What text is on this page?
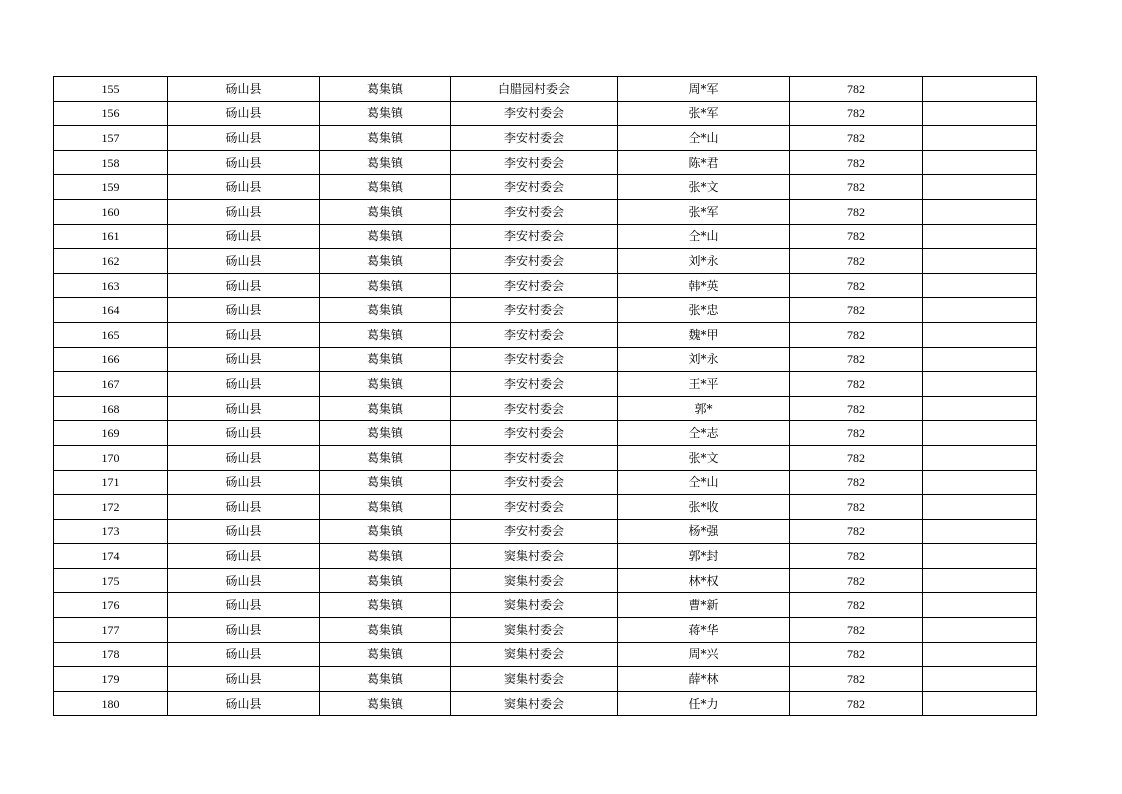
155	砀山县	葛集镇	白腊园村委会	周*军	782	
156	砀山县	葛集镇	李安村委会	张*军	782	
157	砀山县	葛集镇	李安村委会	仝*山	782	
158	砀山县	葛集镇	李安村委会	陈*君	782	
159	砀山县	葛集镇	李安村委会	张*文	782	
160	砀山县	葛集镇	李安村委会	张*军	782	
161	砀山县	葛集镇	李安村委会	仝*山	782	
162	砀山县	葛集镇	李安村委会	刘*永	782	
163	砀山县	葛集镇	李安村委会	韩*英	782	
164	砀山县	葛集镇	李安村委会	张*忠	782	
165	砀山县	葛集镇	李安村委会	魏*甲	782	
166	砀山县	葛集镇	李安村委会	刘*永	782	
167	砀山县	葛集镇	李安村委会	王*平	782	
168	砀山县	葛集镇	李安村委会	郭*	782	
169	砀山县	葛集镇	李安村委会	仝*志	782	
170	砀山县	葛集镇	李安村委会	张*文	782	
171	砀山县	葛集镇	李安村委会	仝*山	782	
172	砀山县	葛集镇	李安村委会	张*收	782	
173	砀山县	葛集镇	李安村委会	杨*强	782	
174	砀山县	葛集镇	窦集村委会	郭*封	782	
175	砀山县	葛集镇	窦集村委会	林*权	782	
176	砀山县	葛集镇	窦集村委会	曹*新	782	
177	砀山县	葛集镇	窦集村委会	蒋*华	782	
178	砀山县	葛集镇	窦集村委会	周*兴	782	
179	砀山县	葛集镇	窦集村委会	薛*林	782	
180	砀山县	葛集镇	窦集村委会	任*力	782	
